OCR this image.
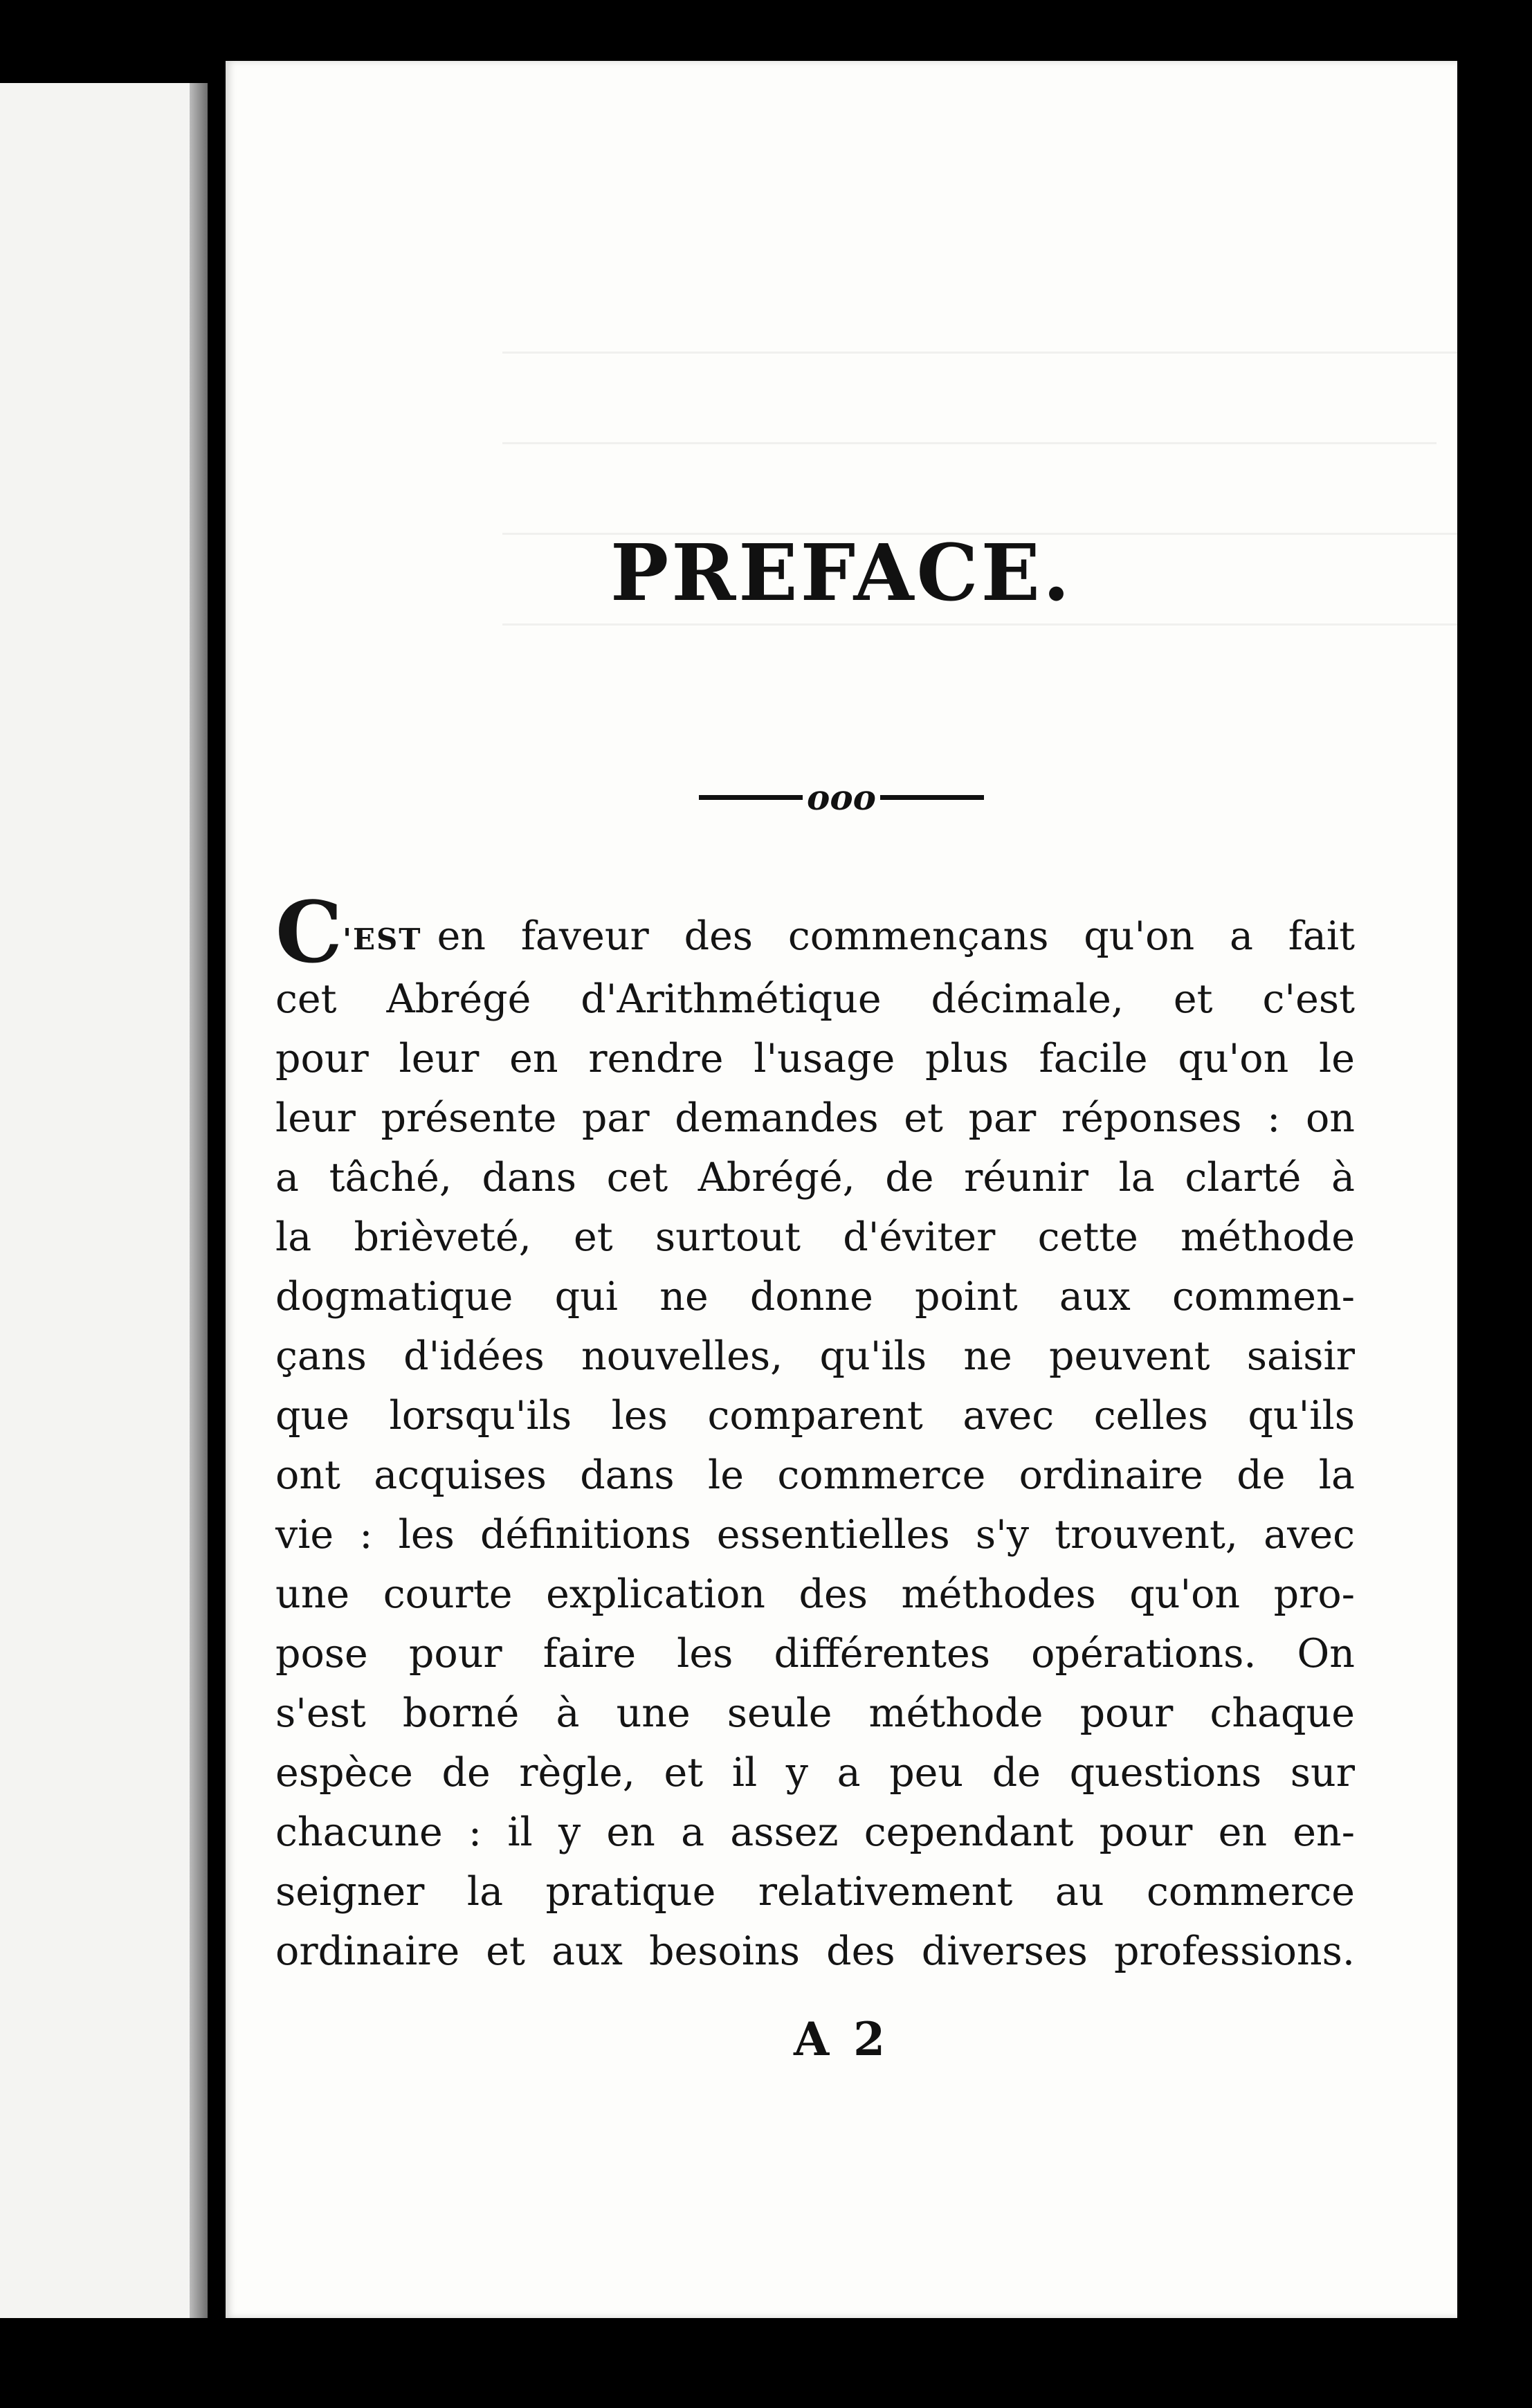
PREFACE.
ooo

C'EST en faveur des commençans qu'on a fait
cet Abrégé d'Arithmétique décimale, et c'est
pour leur en rendre l'usage plus facile qu'on le
leur présente par demandes et par réponses : on
a tâché, dans cet Abrégé, de réunir la clarté à
la brièveté, et surtout d'éviter cette méthode
dogmatique qui ne donne point aux commen-
çans d'idées nouvelles, qu'ils ne peuvent saisir
que lorsqu'ils les comparent avec celles qu'ils
ont acquises dans le commerce ordinaire de la
vie : les définitions essentielles s'y trouvent, avec
une courte explication des méthodes qu'on pro-
pose pour faire les différentes opérations. On
s'est borné à une seule méthode pour chaque
espèce de règle, et il y a peu de questions sur
chacune : il y en a assez cependant pour en en-
seigner la pratique relativement au commerce
ordinaire et aux besoins des diverses professions.

A 2
